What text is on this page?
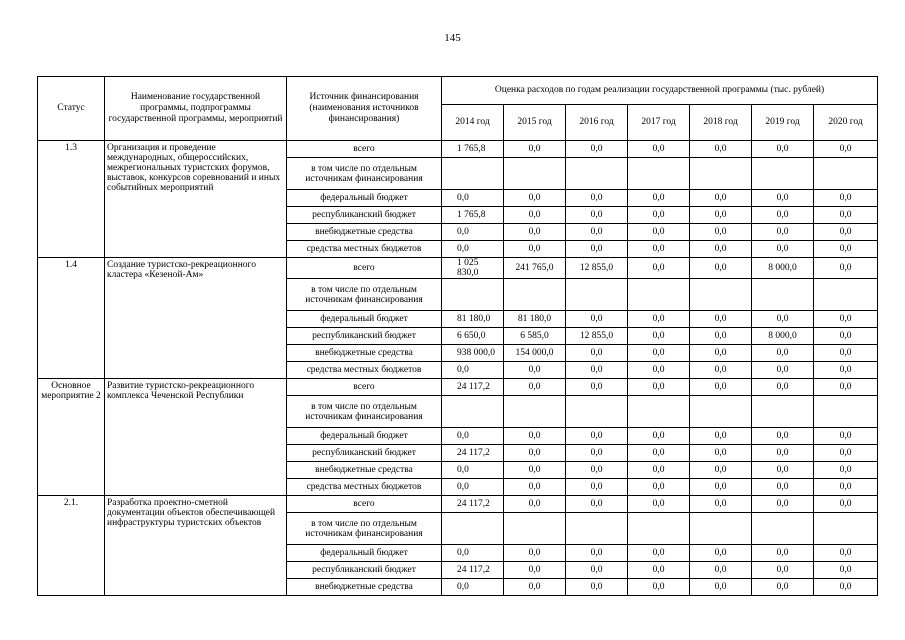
145
Статус	Наименование государственной программы, подпрограммы государственной программы, мероприятий	Источник финансирования (наименования источников финансирования)	Оценка расходов по годам реализации государственной программы (тыс. рублей)						
			2014 год	2015 год	2016 год	2017 год	2018 год	2019 год	2020 год
1.3	Организация и проведение международных, общероссийских, межрегиональных туристских форумов, выставок, конкурсов соревнований и иных событийных мероприятий	всего	1 765,8	0,0	0,0	0,0	0,0	0,0	0,0
		в том числе по отдельным источникам финансирования							
		федеральный бюджет	0,0	0,0	0,0	0,0	0,0	0,0	0,0
		республиканский бюджет	1 765,8	0,0	0,0	0,0	0,0	0,0	0,0
		внебюджетные средства	0,0	0,0	0,0	0,0	0,0	0,0	0,0
		средства местных бюджетов	0,0	0,0	0,0	0,0	0,0	0,0	0,0
1.4	Создание туристско-рекреационного кластера «Кезеной-Ам»	всего	1 025 830,0	241 765,0	12 855,0	0,0	0,0	8 000,0	0,0
		в том числе по отдельным источникам финансирования							
		федеральный бюджет	81 180,0	81 180,0	0,0	0,0	0,0	0,0	0,0
		республиканский бюджет	6 650,0	6 585,0	12 855,0	0,0	0,0	8 000,0	0,0
		внебюджетные средства	938 000,0	154 000,0	0,0	0,0	0,0	0,0	0,0
		средства местных бюджетов	0,0	0,0	0,0	0,0	0,0	0,0	0,0
Основное мероприятие 2	Развитие туристско-рекреационного комплекса Чеченской Республики	всего	24 117,2	0,0	0,0	0,0	0,0	0,0	0,0
		в том числе по отдельным источникам финансирования							
		федеральный бюджет	0,0	0,0	0,0	0,0	0,0	0,0	0,0
		республиканский бюджет	24 117,2	0,0	0,0	0,0	0,0	0,0	0,0
		внебюджетные средства	0,0	0,0	0,0	0,0	0,0	0,0	0,0
		средства местных бюджетов	0,0	0,0	0,0	0,0	0,0	0,0	0,0
2.1.	Разработка проектно-сметной документации объектов обеспечивающей инфраструктуры туристских объектов	всего	24 117,2	0,0	0,0	0,0	0,0	0,0	0,0
		в том числе по отдельным источникам финансирования							
		федеральный бюджет	0,0	0,0	0,0	0,0	0,0	0,0	0,0
		республиканский бюджет	24 117,2	0,0	0,0	0,0	0,0	0,0	0,0
		внебюджетные средства	0,0	0,0	0,0	0,0	0,0	0,0	0,0
